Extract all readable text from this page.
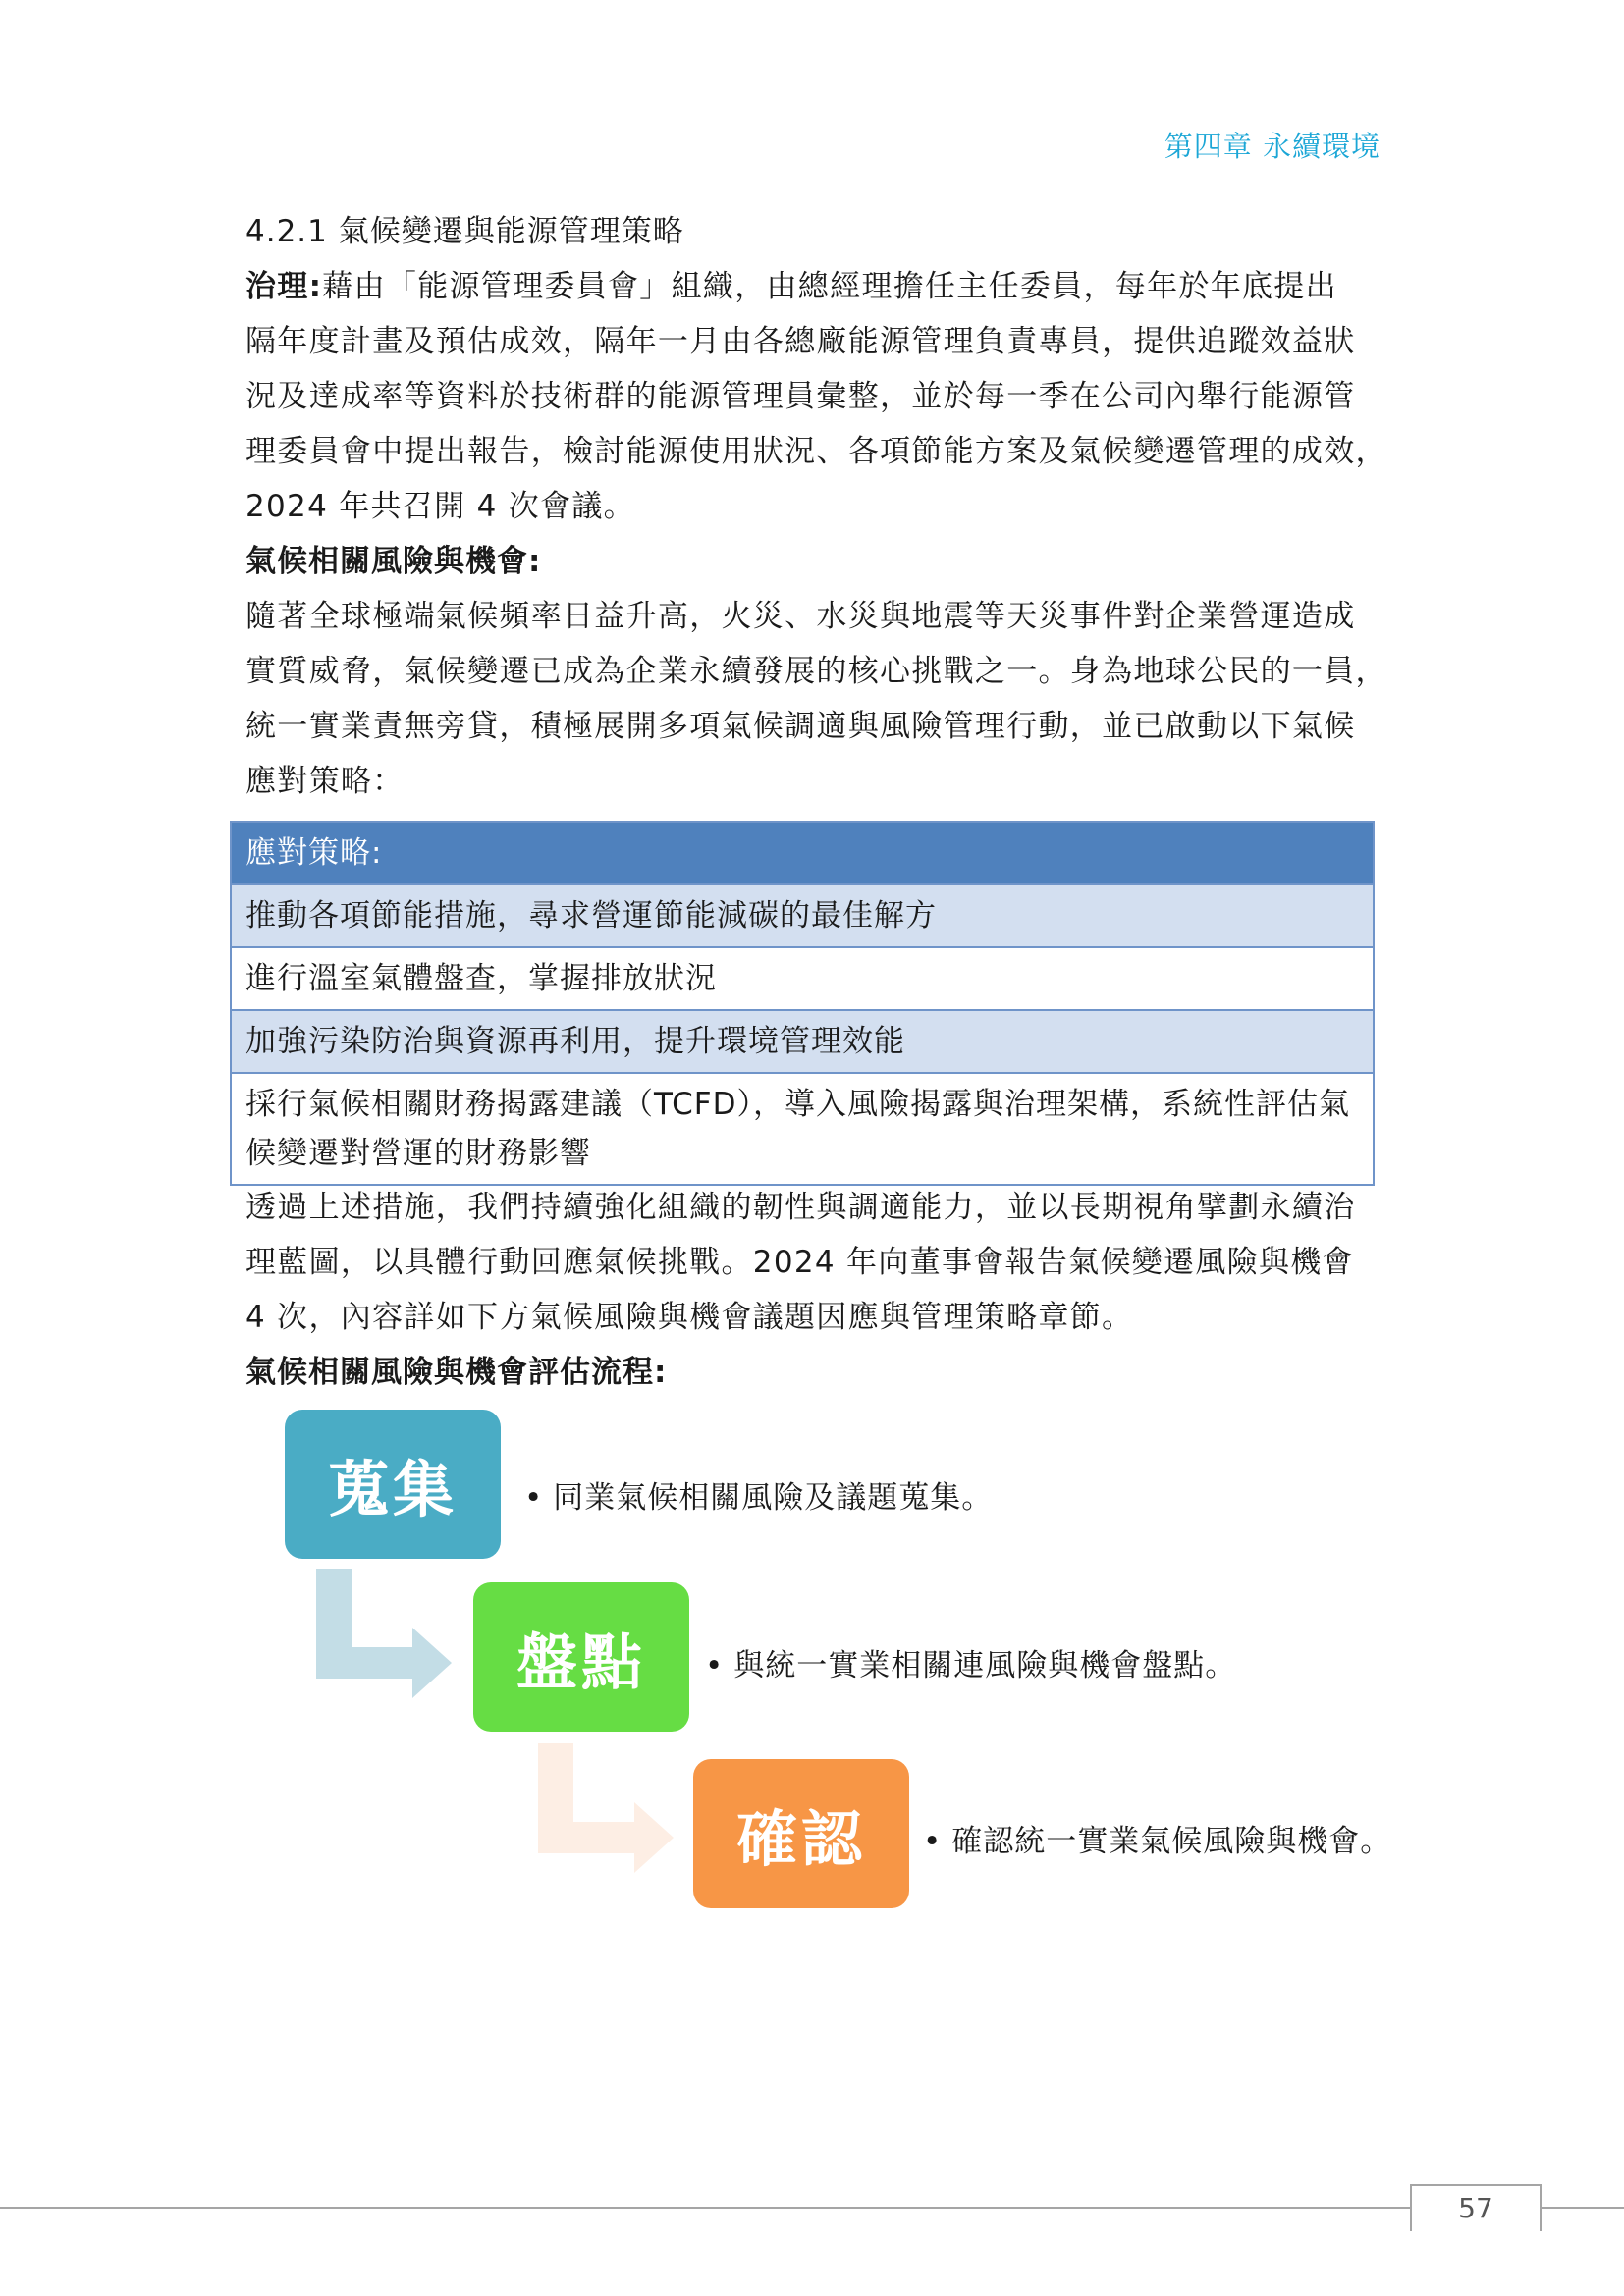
第四章 永續環境

4.2.1 氣候變遷與能源管理策略

治理:藉由「能源管理委員會」組織，由總經理擔任主任委員，每年於年底提出
隔年度計畫及預估成效，隔年一月由各總廠能源管理負責專員，提供追蹤效益狀
況及達成率等資料於技術群的能源管理員彙整，並於每一季在公司內舉行能源管
理委員會中提出報告，檢討能源使用狀況、各項節能方案及氣候變遷管理的成效，
2024 年共召開 4 次會議。

氣候相關風險與機會:

隨著全球極端氣候頻率日益升高，火災、水災與地震等天災事件對企業營運造成
實質威脅，氣候變遷已成為企業永續發展的核心挑戰之一。身為地球公民的一員，
統一實業責無旁貸，積極展開多項氣候調適與風險管理行動，並已啟動以下氣候
應對策略：

應對策略:
推動各項節能措施，尋求營運節能減碳的最佳解方
進行溫室氣體盤查，掌握排放狀況
加強污染防治與資源再利用，提升環境管理效能
採行氣候相關財務揭露建議（TCFD），導入風險揭露與治理架構，系統性評估氣候變遷對營運的財務影響

透過上述措施，我們持續強化組織的韌性與調適能力，並以長期視角擘劃永續治
理藍圖，以具體行動回應氣候挑戰。2024 年向董事會報告氣候變遷風險與機會
4 次，內容詳如下方氣候風險與機會議題因應與管理策略章節。

氣候相關風險與機會評估流程:

蒐集 • 同業氣候相關風險及議題蒐集。
盤點 • 與統一實業相關連風險與機會盤點。
確認 • 確認統一實業氣候風險與機會。
57
